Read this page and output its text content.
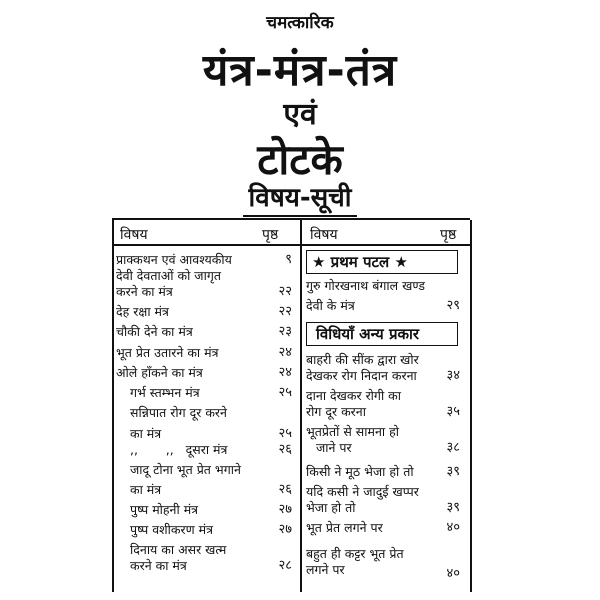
चमत्कारिक
यंत्र-मंत्र-तंत्र
एवं
टोटके
विषय-सूची
विषय	पृष्ठ विषय	पृष्ठ
प्राक्कथन एवं आवश्यकीय	९
देवी देवताओं को जागृत
करने का मंत्र	२२
देह रक्षा मंत्र	२२
चौकी देने का मंत्र	२३
भूत प्रेत उतारने का मंत्र	२४
ओले हाँकने का मंत्र	२४
गर्भ स्तम्भन मंत्र	२५
सन्निपात रोग दूर करने
का मंत्र	२५
,,       ,,   दूसरा मंत्र	२६
जादू टोना भूत प्रेत भगाने
का मंत्र	२६
पुष्प मोहनी मंत्र	२७
पुष्प वशीकरण मंत्र	२७
दिनाय का असर खत्म
करने का मंत्र	२८
★ प्रथम पटल ★
गुरु गोरखनाथ बंगाल खण्ड
देवी के मंत्र	२९
विधियाँ अन्य प्रकार
बाहरी की सींक द्वारा खोर
देखकर रोग निदान करना	३४
दाना देखकर रोगी का
रोग दूर करना	३५
भूतप्रेतों से सामना हो
जाने पर	३८
किसी ने मूठ भेजा हो तो	३९
यदि कसी ने जादुई खप्पर
भेजा हो तो	३९
भूत प्रेत लगने पर	४०
बहुत ही कट्टर भूत प्रेत
लगने पर	४०
